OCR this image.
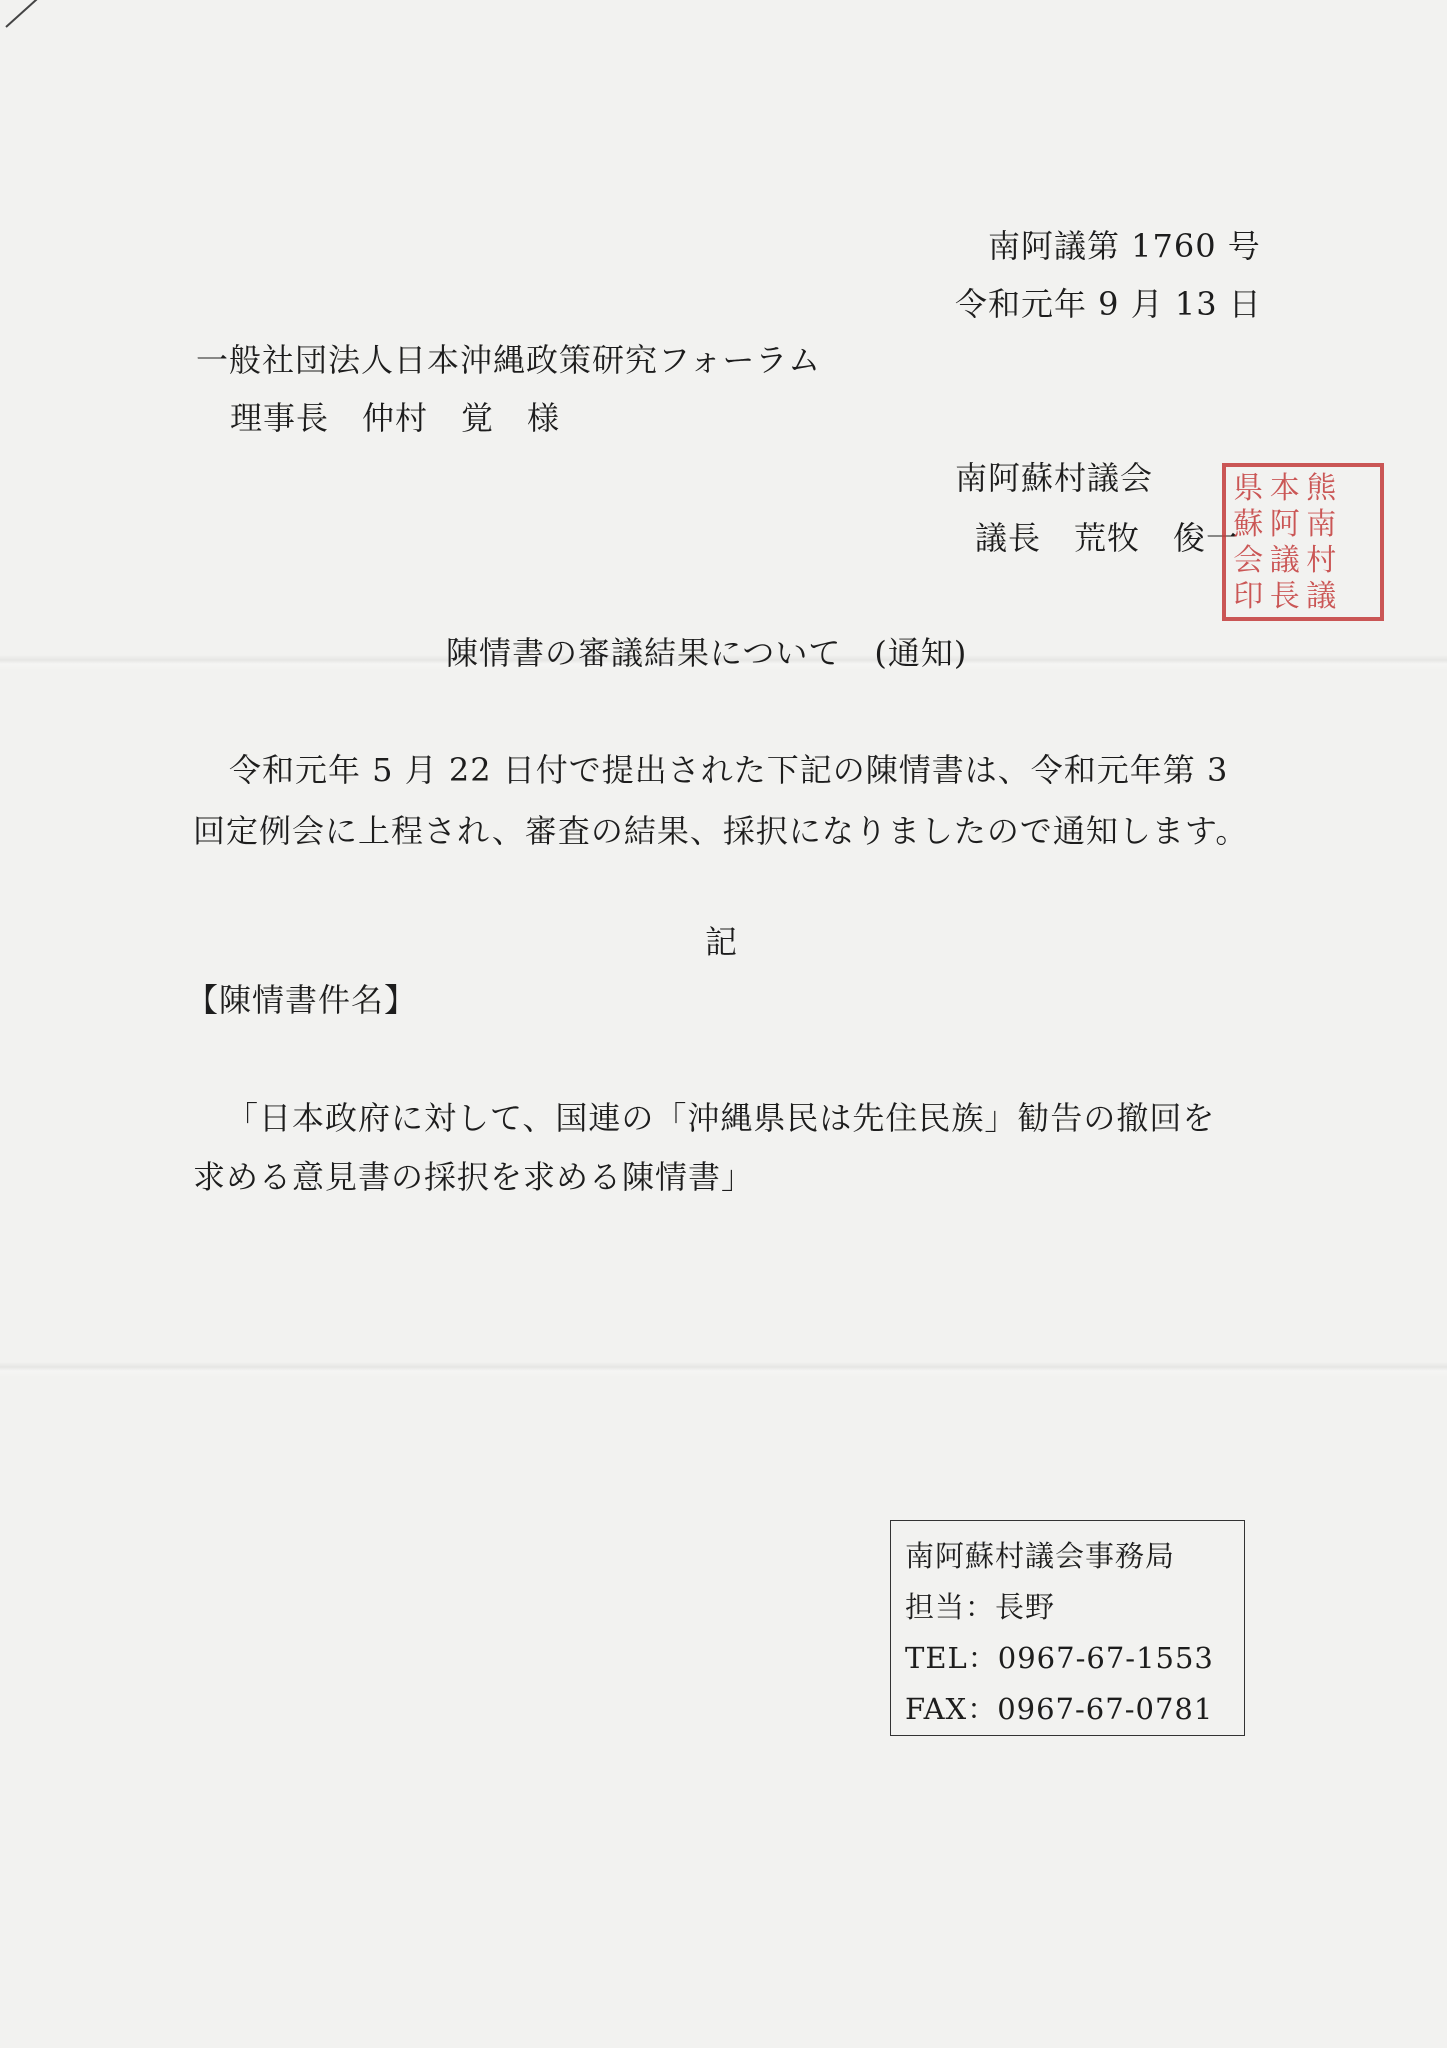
南阿議第 1760 号
令和元年 9 月 13 日
一般社団法人日本沖縄政策研究フォーラム
理事長　仲村　覚　様
南阿蘇村議会
議長　荒牧　俊一
県 本 熊
蘇 阿 南
会 議 村
印 長 議
陳情書の審議結果について　(通知)
令和元年 5 月 22 日付で提出された下記の陳情書は、令和元年第 3
回定例会に上程され、審査の結果、採択になりましたので通知します。
記
【陳情書件名】
「日本政府に対して、国連の「沖縄県民は先住民族」勧告の撤回を
求める意見書の採択を求める陳情書」
南阿蘇村議会事務局
担当：長野
TEL：0967-67-1553
FAX：0967-67-0781
